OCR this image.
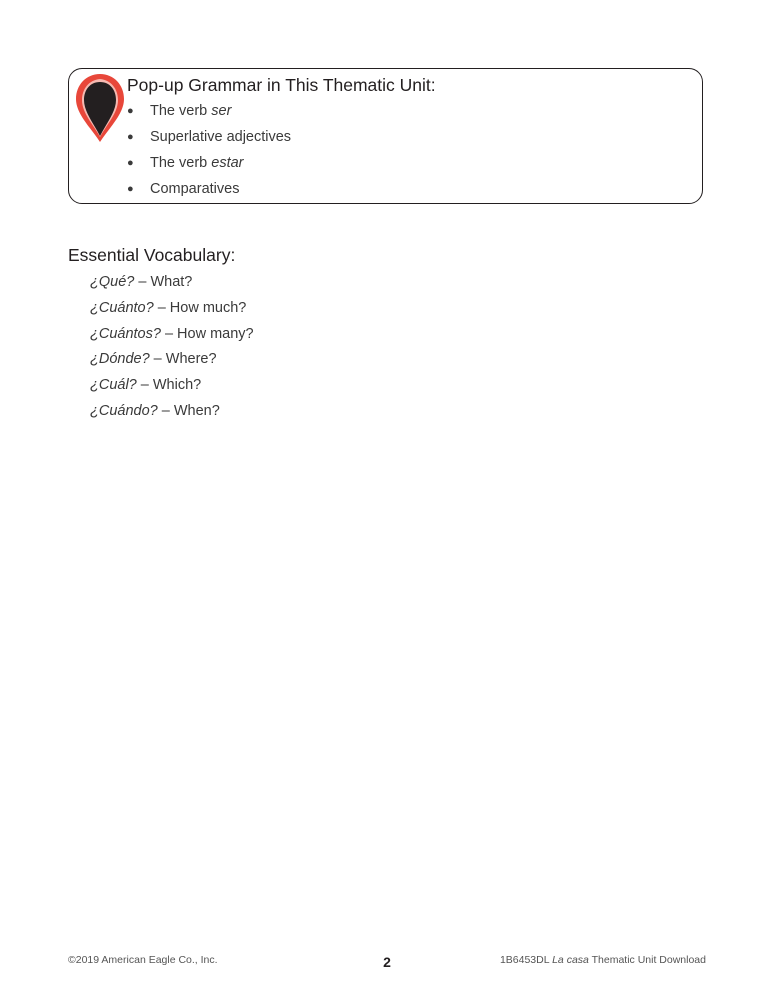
Pop-up Grammar in This Thematic Unit:
● The verb ser
● Superlative adjectives
● The verb estar
● Comparatives
Essential Vocabulary:
¿Qué? – What?
¿Cuánto? – How much?
¿Cuántos? – How many?
¿Dónde? – Where?
¿Cuál? – Which?
¿Cuándo? – When?
©2019 American Eagle Co., Inc.	2	1B6453DL La casa Thematic Unit Download
